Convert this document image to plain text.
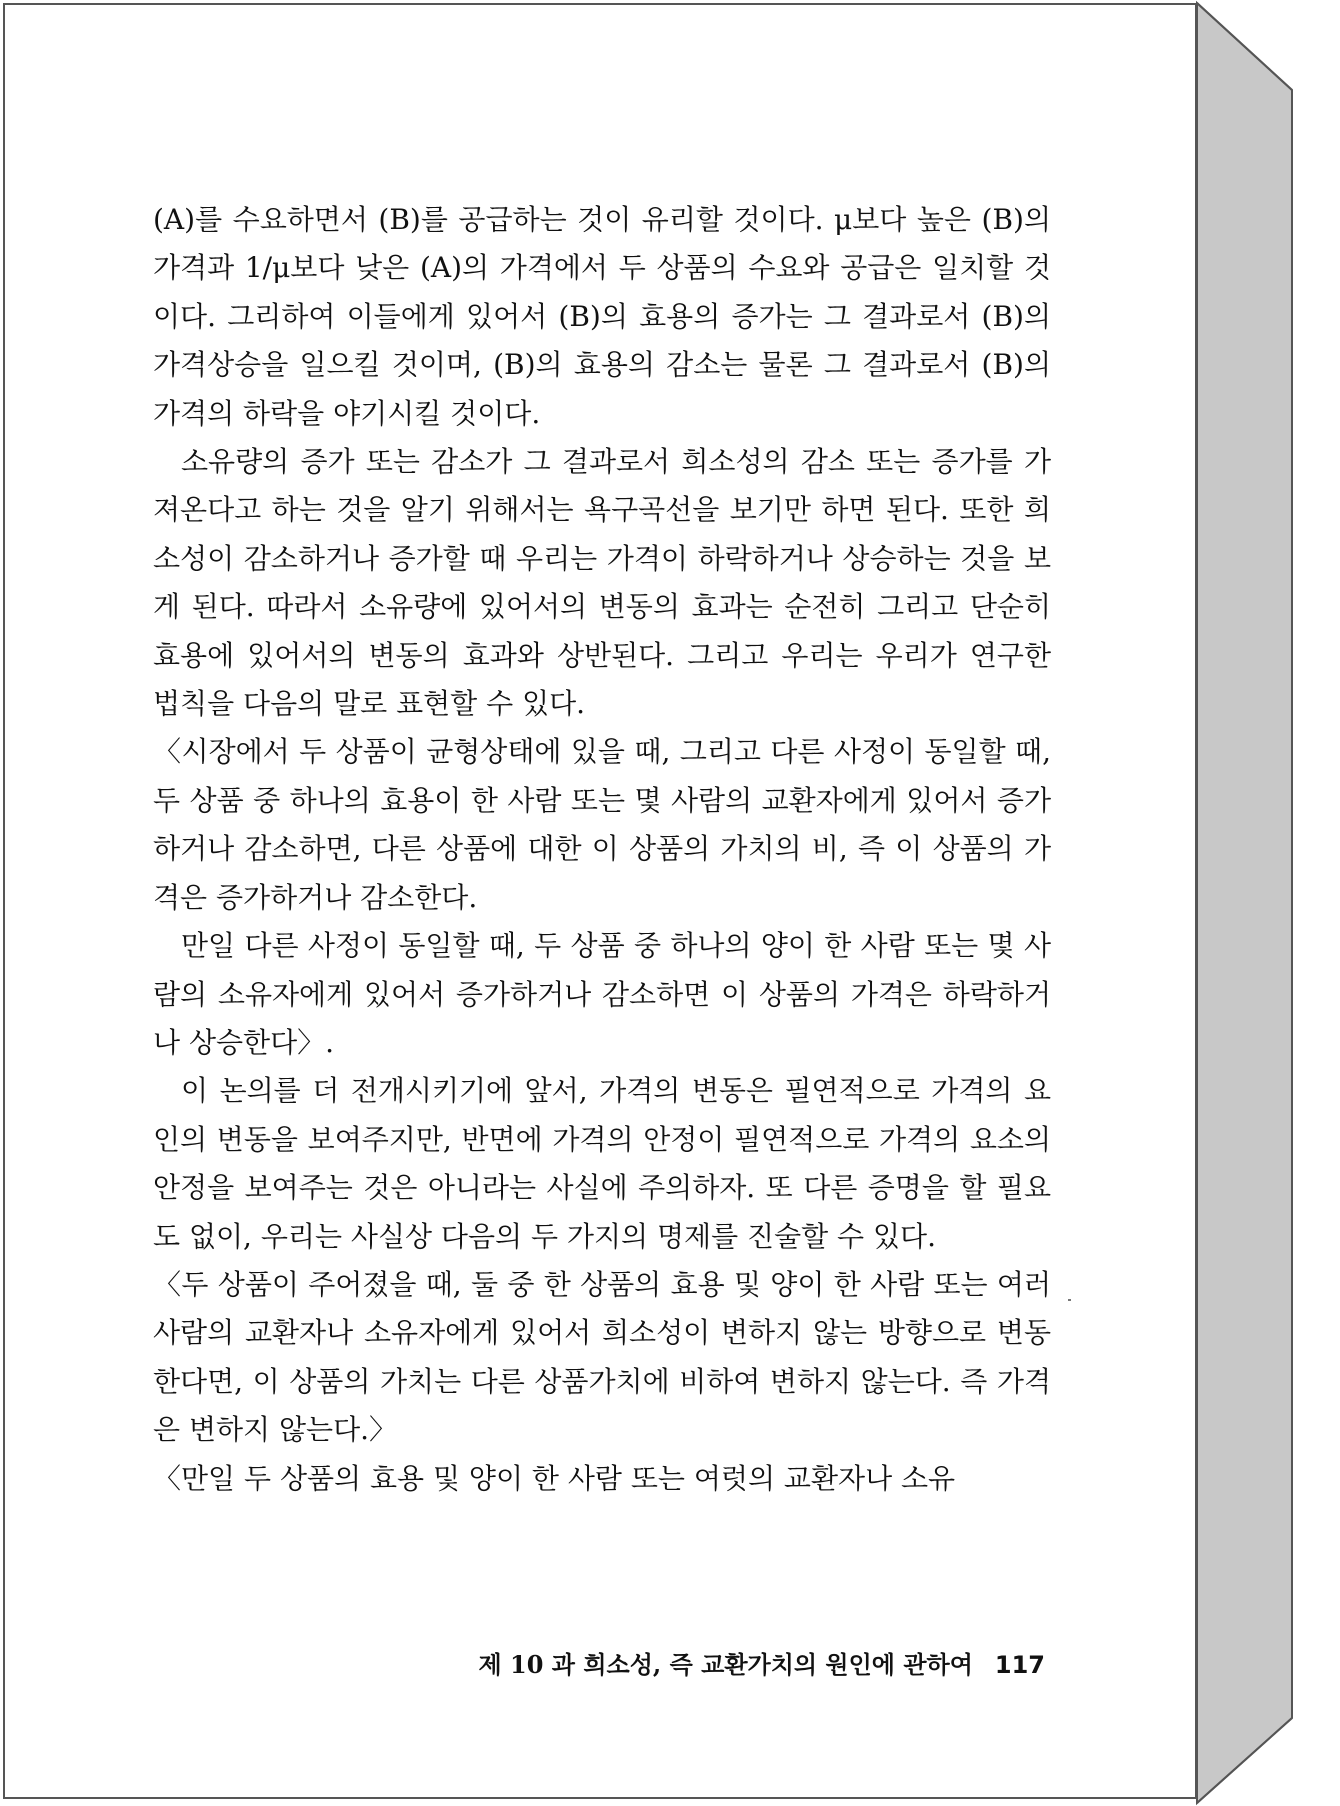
(A)를 수요하면서 (B)를 공급하는 것이 유리할 것이다. μ보다 높은 (B)의 가격과 1/μ보다 낮은 (A)의 가격에서 두 상품의 수요와 공급은 일치할 것이다. 그리하여 이들에게 있어서 (B)의 효용의 증가는 그 결과로서 (B)의 가격상승을 일으킬 것이며, (B)의 효용의 감소는 물론 그 결과로서 (B)의 가격의 하락을 야기시킬 것이다.

소유량의 증가 또는 감소가 그 결과로서 희소성의 감소 또는 증가를 가져온다고 하는 것을 알기 위해서는 욕구곡선을 보기만 하면 된다. 또한 희소성이 감소하거나 증가할 때 우리는 가격이 하락하거나 상승하는 것을 보게 된다. 따라서 소유량에 있어서의 변동의 효과는 순전히 그리고 단순히 효용에 있어서의 변동의 효과와 상반된다. 그리고 우리는 우리가 연구한 법칙을 다음의 말로 표현할 수 있다.

〈시장에서 두 상품이 균형상태에 있을 때, 그리고 다른 사정이 동일할 때, 두 상품 중 하나의 효용이 한 사람 또는 몇 사람의 교환자에게 있어서 증가하거나 감소하면, 다른 상품에 대한 이 상품의 가치의 비, 즉 이 상품의 가격은 증가하거나 감소한다.

만일 다른 사정이 동일할 때, 두 상품 중 하나의 양이 한 사람 또는 몇 사람의 소유자에게 있어서 증가하거나 감소하면 이 상품의 가격은 하락하거나 상승한다〉.

이 논의를 더 전개시키기에 앞서, 가격의 변동은 필연적으로 가격의 요인의 변동을 보여주지만, 반면에 가격의 안정이 필연적으로 가격의 요소의 안정을 보여주는 것은 아니라는 사실에 주의하자. 또 다른 증명을 할 필요도 없이, 우리는 사실상 다음의 두 가지의 명제를 진술할 수 있다.

〈두 상품이 주어졌을 때, 둘 중 한 상품의 효용 및 양이 한 사람 또는 여러 사람의 교환자나 소유자에게 있어서 희소성이 변하지 않는 방향으로 변동한다면, 이 상품의 가치는 다른 상품가치에 비하여 변하지 않는다. 즉 가격은 변하지 않는다.〉

〈만일 두 상품의 효용 및 양이 한 사람 또는 여럿의 교환자나 소유

제 10 과 희소성, 즉 교환가치의 원인에 관하여 117
